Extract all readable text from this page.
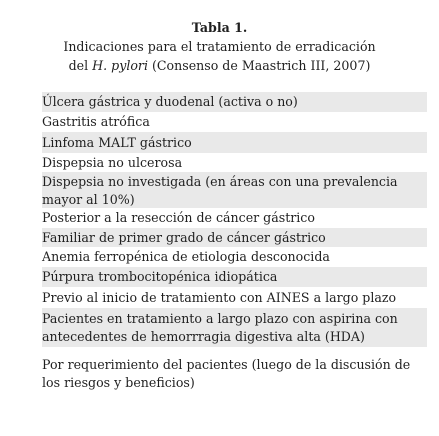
Tabla 1.
Indicaciones para el tratamiento de erradicación
del H. pylori (Consenso de Maastrich III, 2007)
Úlcera gástrica y duodenal (activa o no)
Gastritis atrófica
Linfoma MALT gástrico
Dispepsia no ulcerosa
Dispepsia no investigada (en áreas con una prevalencia mayor al 10%)
Posterior a la resección de cáncer gástrico
Familiar de primer grado de cáncer gástrico
Anemia ferropénica de etiologia desconocida
Púrpura trombocitopénica idiopática
Previo al inicio de tratamiento con AINES a largo plazo
Pacientes en tratamiento a largo plazo con aspirina con antecedentes de hemorrragia digestiva alta (HDA)
Por requerimiento del pacientes (luego de la discusión de los riesgos y beneficios)
